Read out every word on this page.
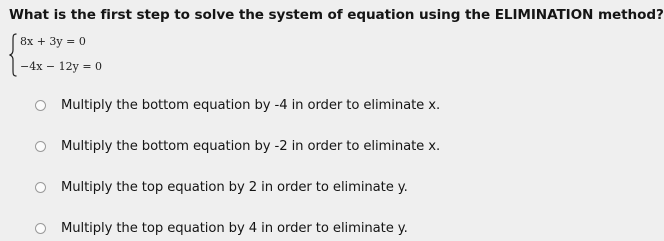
What is the first step to solve the system of equation using the ELIMINATION method?
8x + 3y = 0
−4x − 12y = 0
Multiply the bottom equation by -4 in order to eliminate x.
Multiply the bottom equation by -2 in order to eliminate x.
Multiply the top equation by 2 in order to eliminate y.
Multiply the top equation by 4 in order to eliminate y.
